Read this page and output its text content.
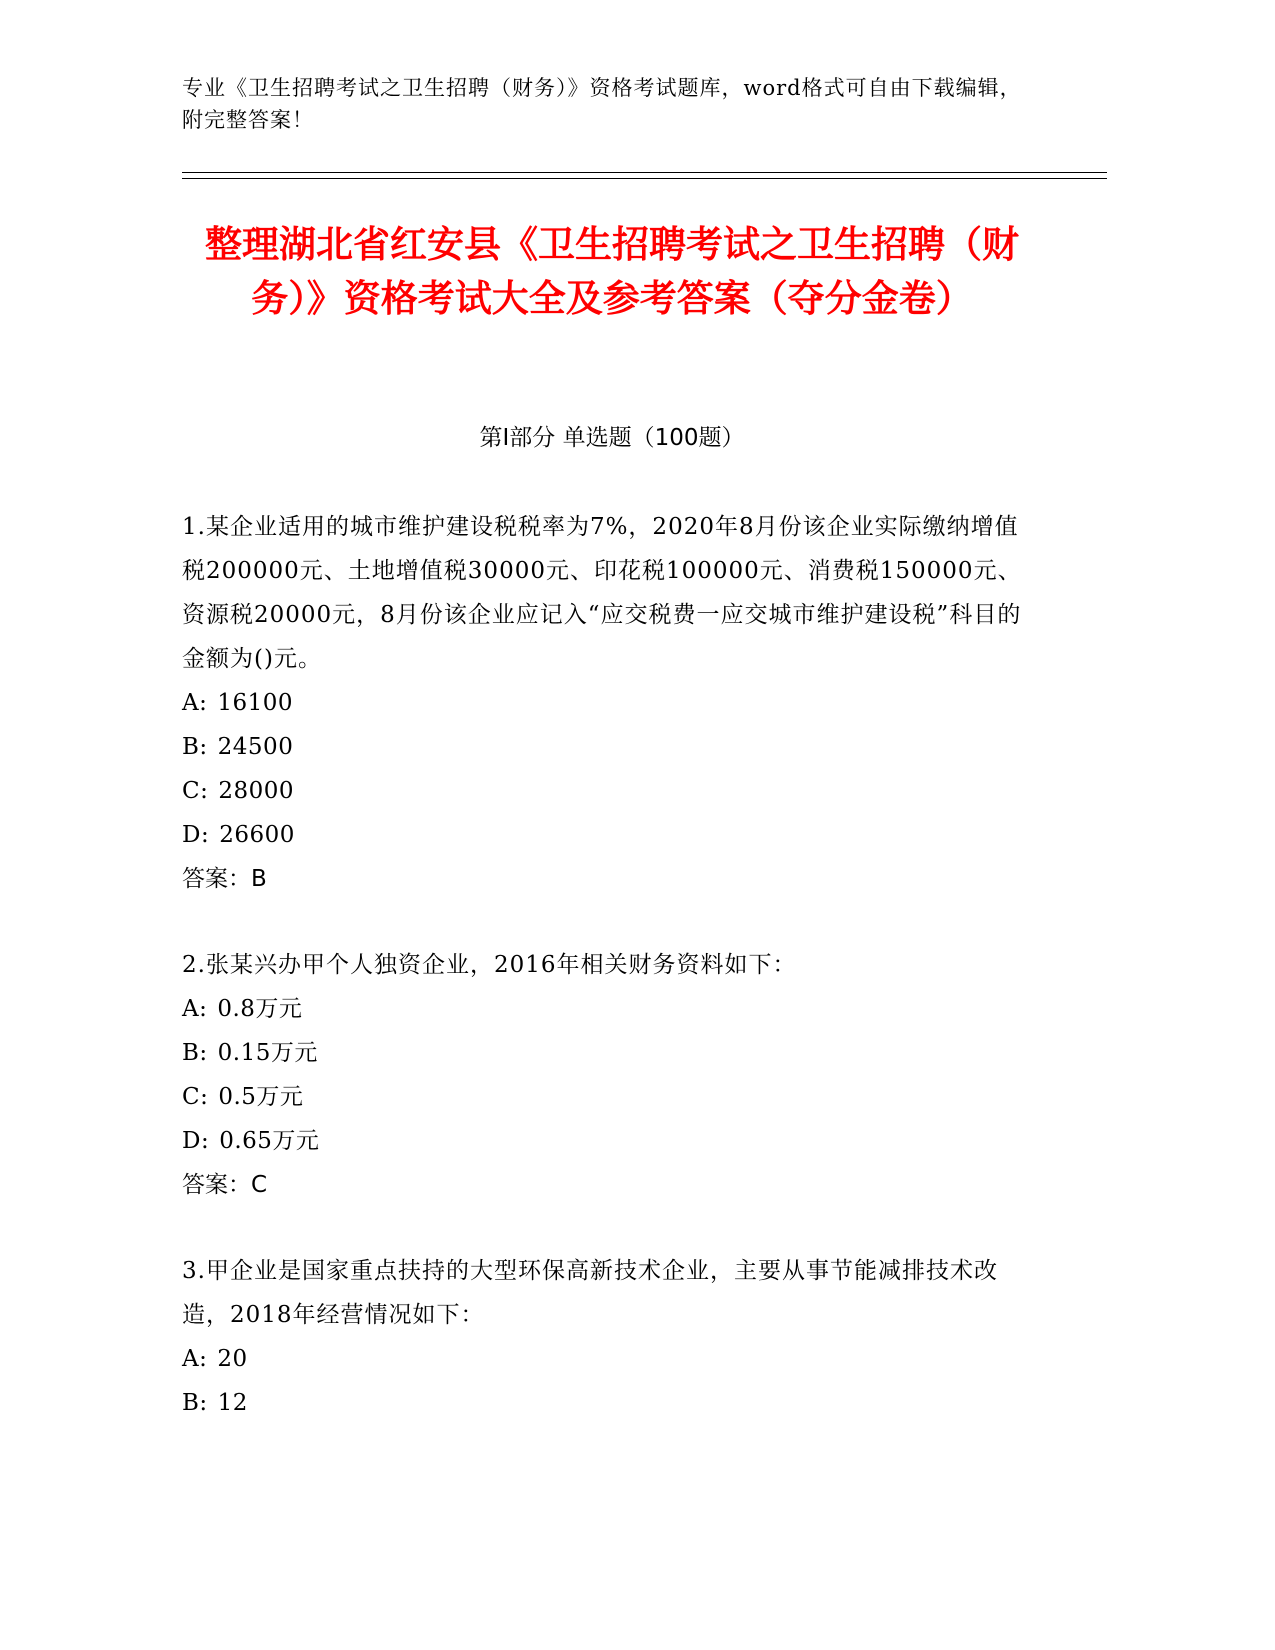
专业《卫生招聘考试之卫生招聘（财务）》资格考试题库，word格式可自由下载编辑，附完整答案！
整理湖北省红安县《卫生招聘考试之卫生招聘（财务）》资格考试大全及参考答案（夺分金卷）
第Ⅰ部分 单选题（100题）

1.某企业适用的城市维护建设税税率为7%，2020年8月份该企业实际缴纳增值税200000元、土地增值税30000元、印花税100000元、消费税150000元、资源税20000元，8月份该企业应记入“应交税费一应交城市维护建设税”科目的金额为()元。

A: 16100

B: 24500

C: 28000

D: 26600

答案：B

2.张某兴办甲个人独资企业，2016年相关财务资料如下：

A: 0.8万元

B: 0.15万元

C: 0.5万元

D: 0.65万元

答案：C

3.甲企业是国家重点扶持的大型环保高新技术企业，主要从事节能减排技术改造，2018年经营情况如下：

A: 20

B: 12
